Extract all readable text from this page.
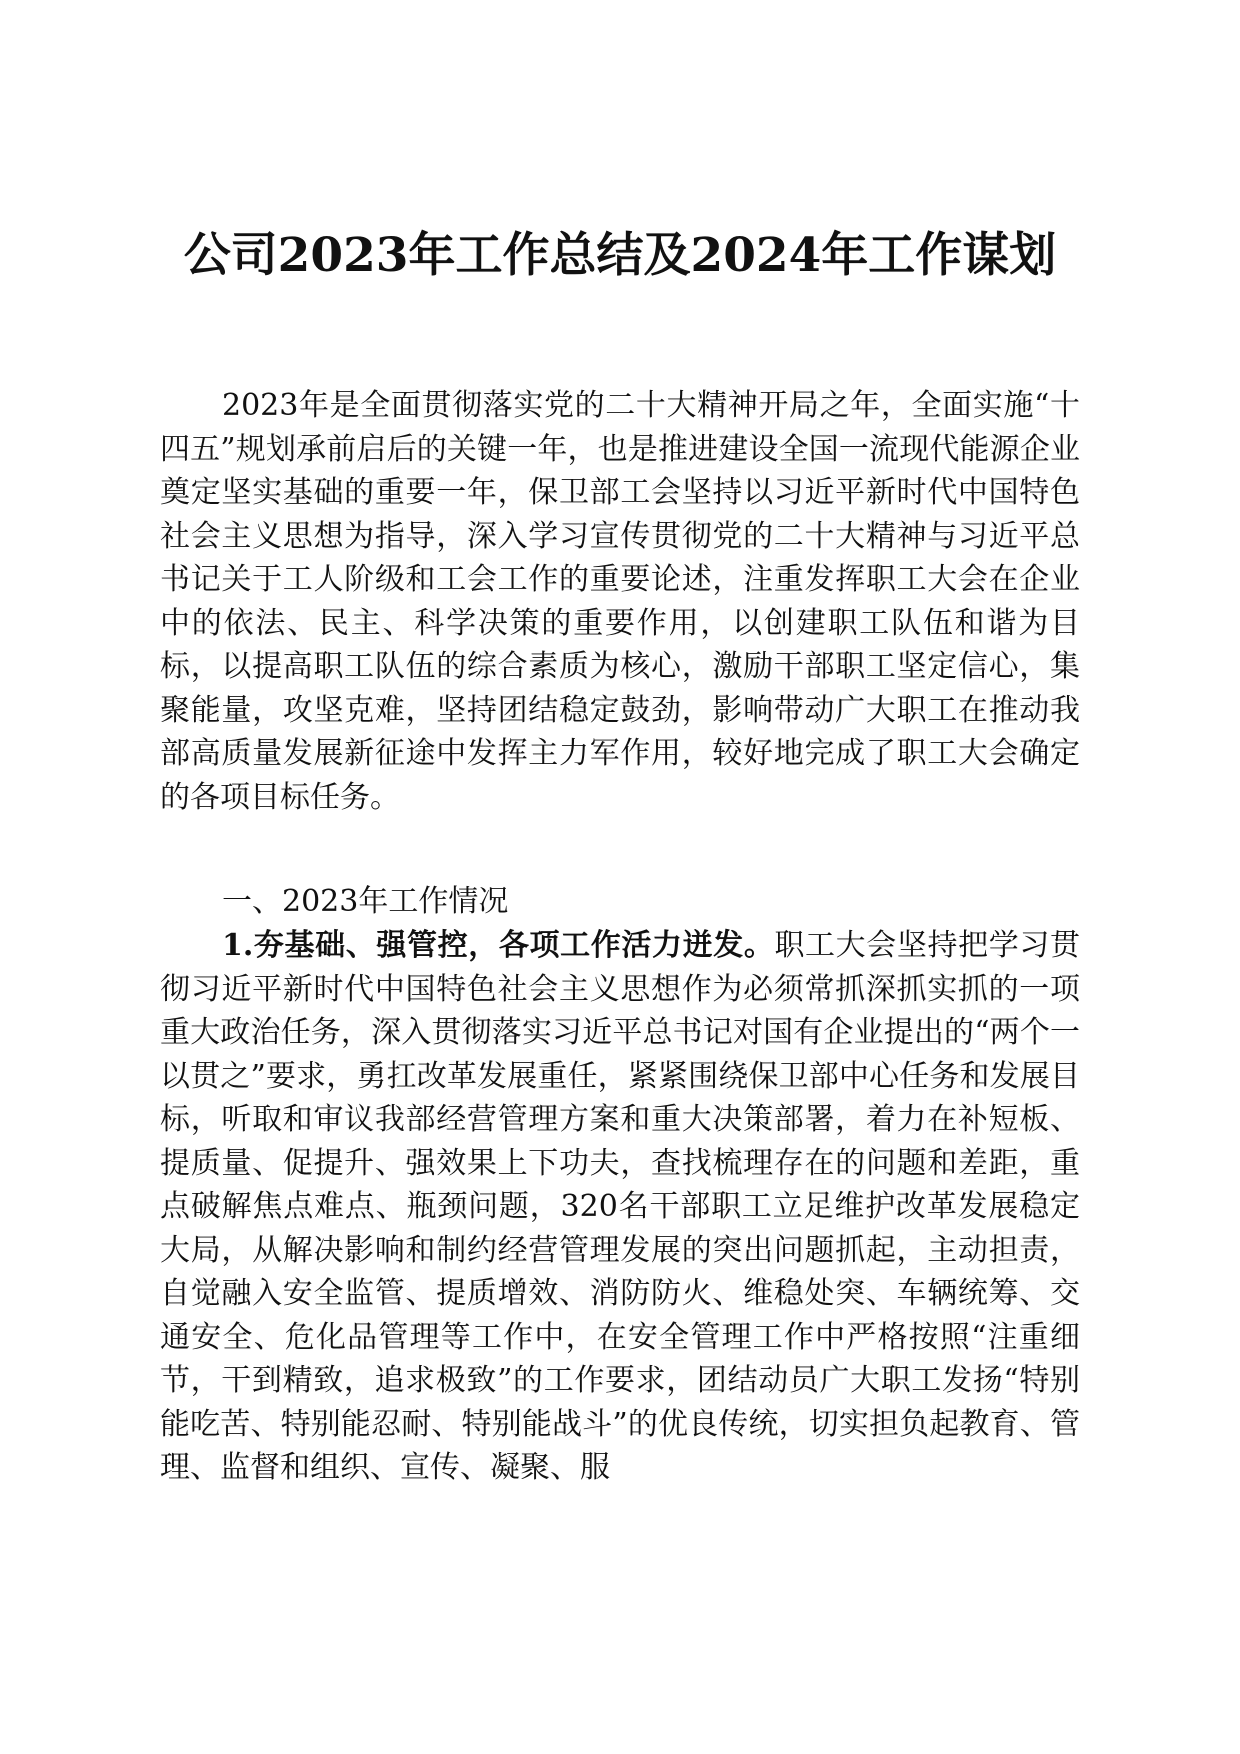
公司2023年工作总结及2024年工作谋划

2023年是全面贯彻落实党的二十大精神开局之年，全面实施“十四五”规划承前启后的关键一年，也是推进建设全国一流现代能源企业奠定坚实基础的重要一年，保卫部工会坚持以习近平新时代中国特色社会主义思想为指导，深入学习宣传贯彻党的二十大精神与习近平总书记关于工人阶级和工会工作的重要论述，注重发挥职工大会在企业中的依法、民主、科学决策的重要作用，以创建职工队伍和谐为目标，以提高职工队伍的综合素质为核心，激励干部职工坚定信心，集聚能量，攻坚克难，坚持团结稳定鼓劲，影响带动广大职工在推动我部高质量发展新征途中发挥主力军作用，较好地完成了职工大会确定的各项目标任务。

一、2023年工作情况

1.夯基础、强管控，各项工作活力迸发。职工大会坚持把学习贯彻习近平新时代中国特色社会主义思想作为必须常抓深抓实抓的一项重大政治任务，深入贯彻落实习近平总书记对国有企业提出的“两个一以贯之”要求，勇扛改革发展重任，紧紧围绕保卫部中心任务和发展目标，听取和审议我部经营管理方案和重大决策部署，着力在补短板、提质量、促提升、强效果上下功夫，查找梳理存在的问题和差距，重点破解焦点难点、瓶颈问题，320名干部职工立足维护改革发展稳定大局，从解决影响和制约经营管理发展的突出问题抓起，主动担责，自觉融入安全监管、提质增效、消防防火、维稳处突、车辆统筹、交通安全、危化品管理等工作中，在安全管理工作中严格按照“注重细节，干到精致，追求极致”的工作要求，团结动员广大职工发扬“特别能吃苦、特别能忍耐、特别能战斗”的优良传统，切实担负起教育、管理、监督和组织、宣传、凝聚、服
